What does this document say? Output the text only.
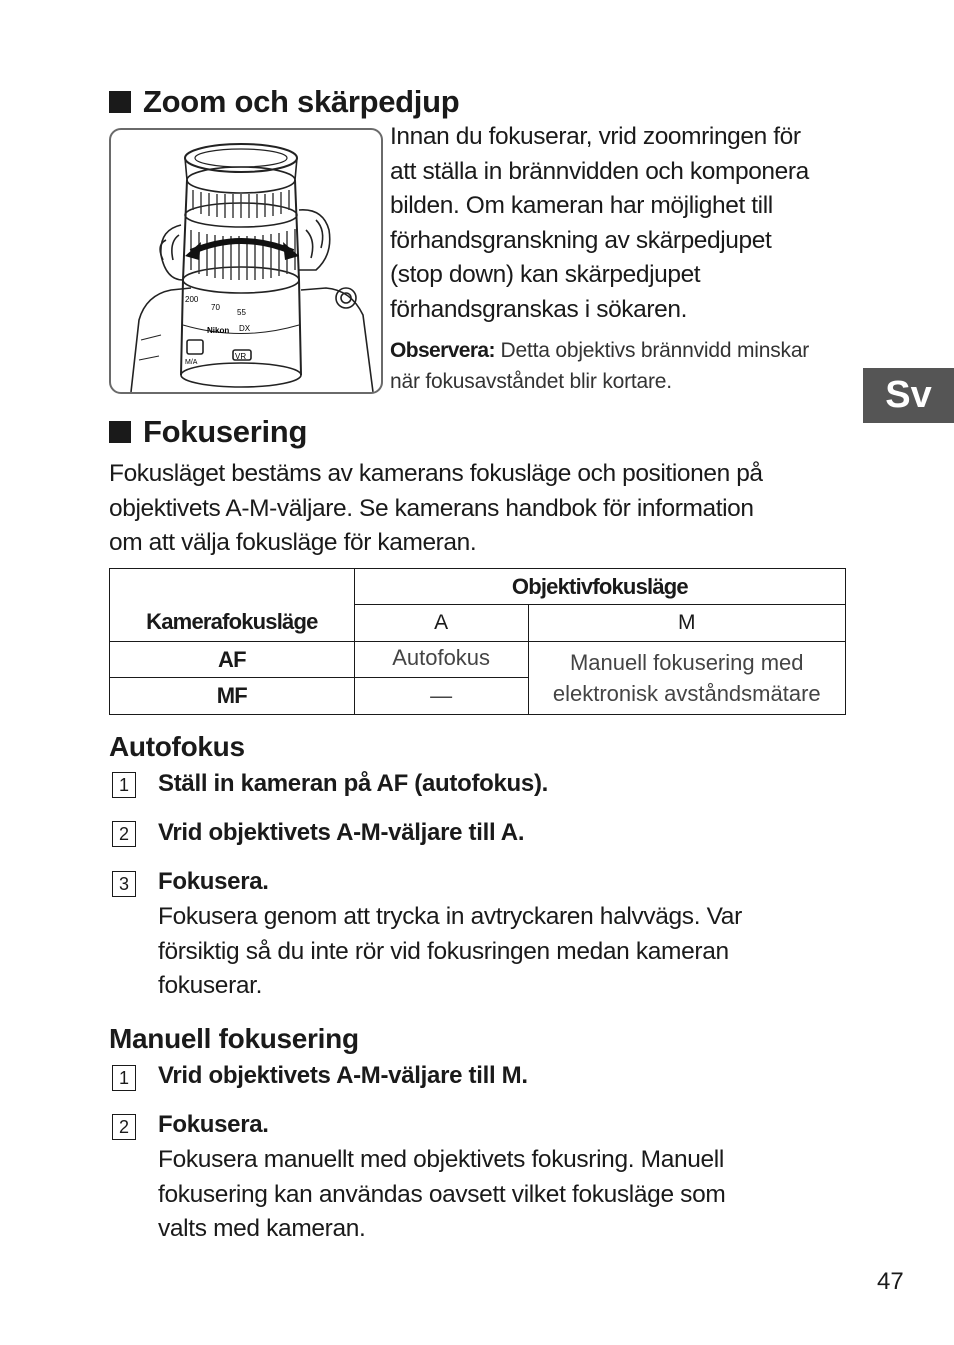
Zoom och skärpedjup
200
70
55
Nikon DX
VR
M/A
Innan du fokuserar, vrid zoomringen för
att ställa in brännvidden och komponera
bilden. Om kameran har möjlighet till
förhandsgranskning av skärpedjupet
(stop down) kan skärpedjupet
förhandsgranskas i sökaren.
Observera: Detta objektivs brännvidd minskar
när fokusavståndet blir kortare.	Sv
Fokusering
Fokusläget bestäms av kamerans fokusläge och positionen på
objektivets A-M-väljare. Se kamerans handbok för information
om att välja fokusläge för kameran.
Kamerafokusläge	Objektivfokusläge	
	A	M
AF	Autofokus	Manuell fokusering med
elektronisk avståndsmätare

MF	—	
Autofokus
1 Ställ in kameran på AF (autofokus).
2 Vrid objektivets A-M-väljare till A.
3 Fokusera.
Fokusera genom att trycka in avtryckaren halvvägs. Var
försiktig så du inte rör vid fokusringen medan kameran
fokuserar.
Manuell fokusering
1 Vrid objektivets A-M-väljare till M.
2 Fokusera.
Fokusera manuellt med objektivets fokusring. Manuell
fokusering kan användas oavsett vilket fokusläge som
valts med kameran.
47
